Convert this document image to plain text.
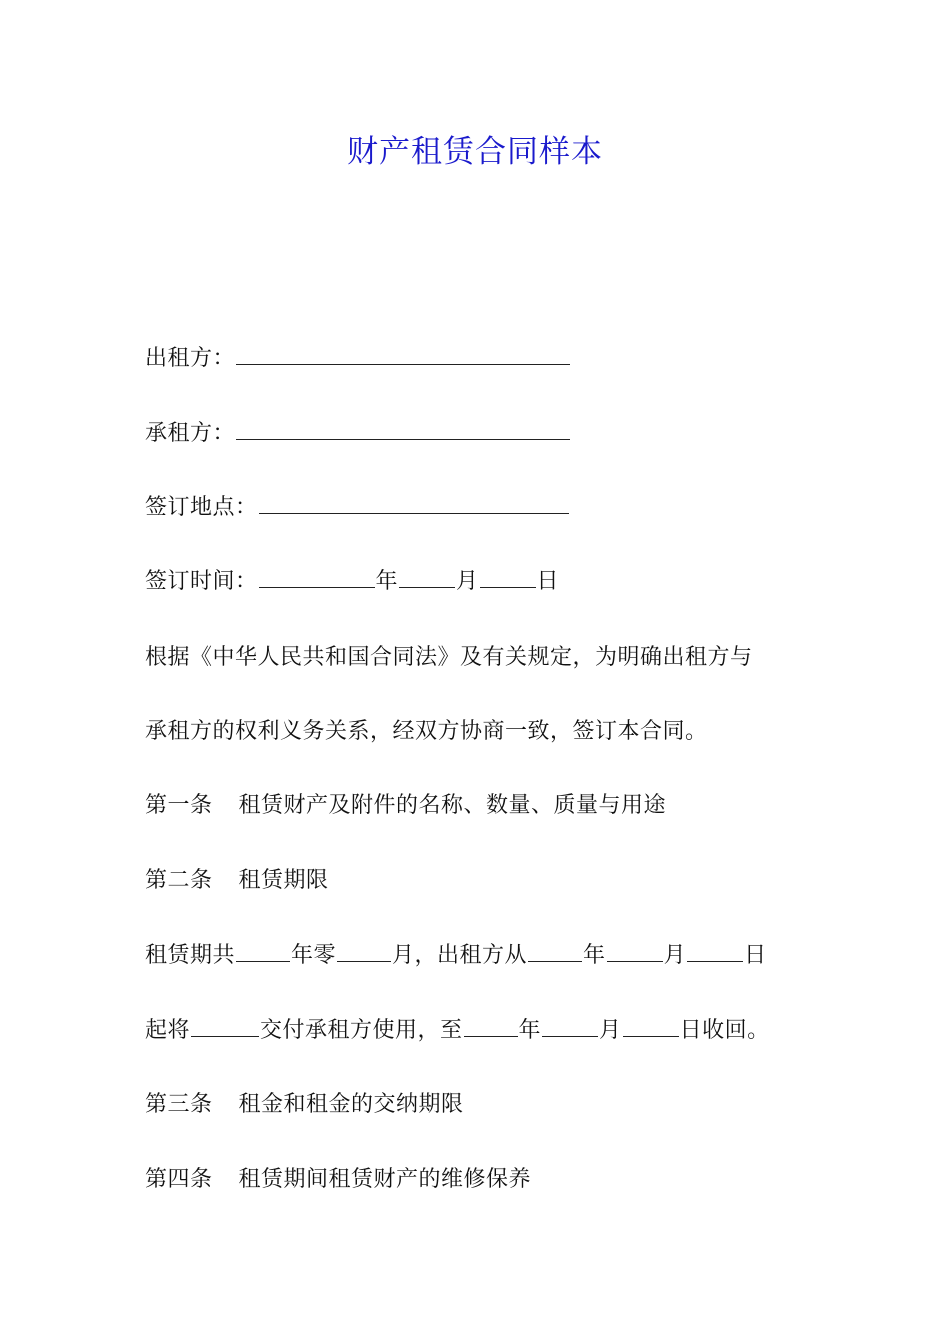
财产租赁合同样本
出租方：
承租方：
签订地点：
签订时间：	年	月	日
根据《中华人民共和国合同法》及有关规定，为明确出租方与
承租方的权利义务关系，经双方协商一致，签订本合同。
第一条 租赁财产及附件的名称、数量、质量与用途
第二条 租赁期限
租赁期共	年零	月，出租方从	年	月	日
起将	交付承租方使用，至	年	月	日收回。
第三条 租金和租金的交纳期限
第四条 租赁期间租赁财产的维修保养
